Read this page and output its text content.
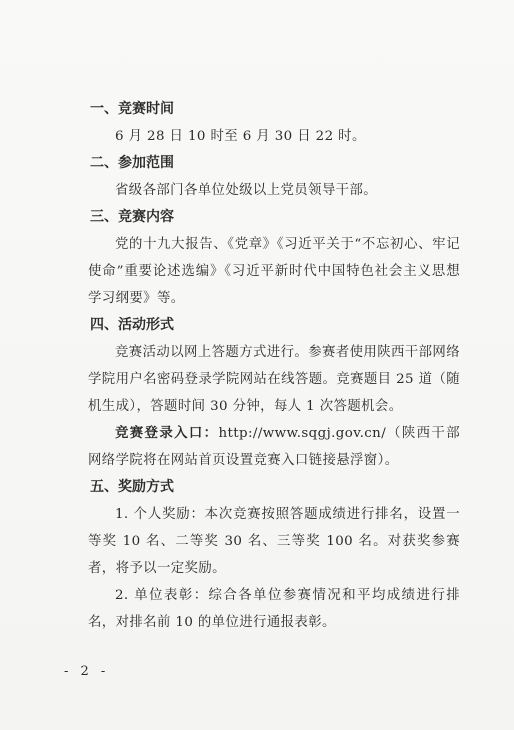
一、竞赛时间

6 月 28 日 10 时至 6 月 30 日 22 时。

二、参加范围

省级各部门各单位处级以上党员领导干部。

三、竞赛内容

党的十九大报告、《党章》《习近平关于“不忘初心、牢记使命”重要论述选编》《习近平新时代中国特色社会主义思想学习纲要》等。

四、活动形式

竞赛活动以网上答题方式进行。参赛者使用陕西干部网络学院用户名密码登录学院网站在线答题。竞赛题目 25 道（随机生成），答题时间 30 分钟，每人 1 次答题机会。

竞赛登录入口：http://www.sqgj.gov.cn/（陕西干部网络学院将在网站首页设置竞赛入口链接悬浮窗）。

五、奖励方式

1. 个人奖励：本次竞赛按照答题成绩进行排名，设置一等奖 10 名、二等奖 30 名、三等奖 100 名。对获奖参赛者，将予以一定奖励。

2. 单位表彰：综合各单位参赛情况和平均成绩进行排名，对排名前 10 的单位进行通报表彰。

- 2 -
